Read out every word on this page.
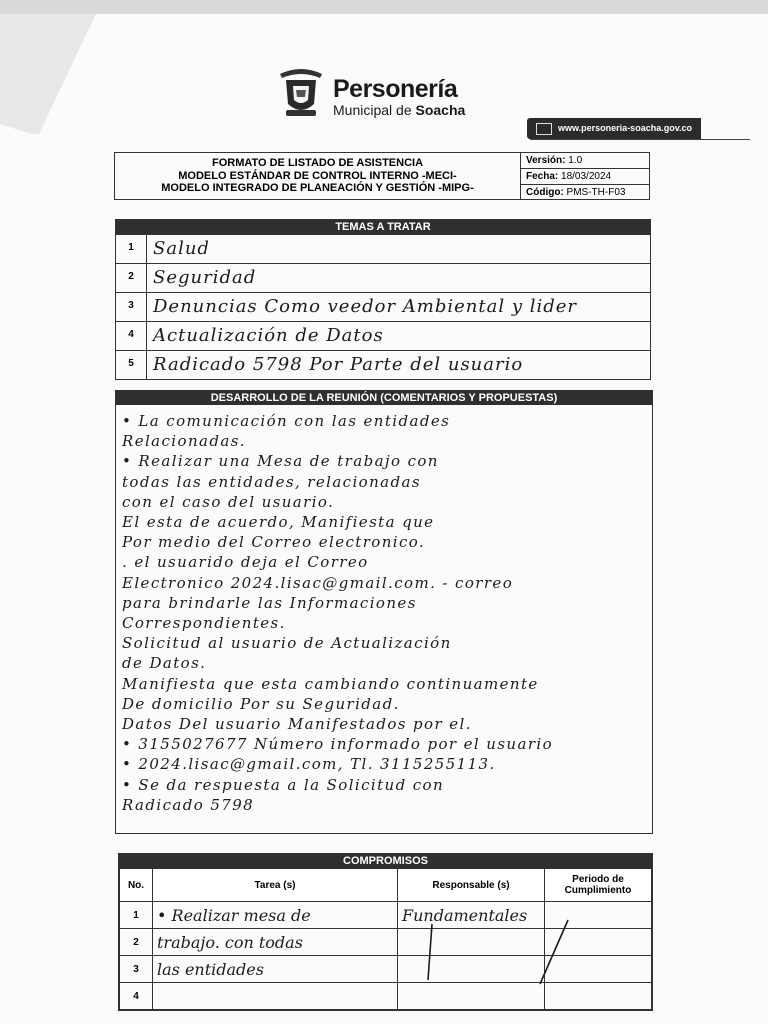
Personería
Municipal de Soacha
www.personeria-soacha.gov.co
FORMATO DE LISTADO DE ASISTENCIA
MODELO ESTÁNDAR DE CONTROL INTERNO -MECI-
MODELO INTEGRADO DE PLANEACIÓN Y GESTIÓN -MIPG-
Versión: 1.0
Fecha: 18/03/2024
Código: PMS-TH-F03
TEMAS A TRATAR
1	Salud
2	Seguridad
3	Denuncias Como veedor Ambiental y lider
4	Actualización de Datos
5	Radicado 5798 Por Parte del usuario
DESARROLLO DE LA REUNIÓN (COMENTARIOS Y PROPUESTAS)
• La comunicación con las entidades
Relacionadas.
• Realizar una Mesa de trabajo con
todas las entidades, relacionadas
con el caso del usuario.
El esta de acuerdo, Manifiesta que
Por medio del Correo electronico.
. el usuarido deja el Correo
Electronico 2024.lisac@gmail.com. - correo
para brindarle las Informaciones
Correspondientes.
Solicitud al usuario de Actualización
de Datos.
Manifiesta que esta cambiando continuamente
De domicilio Por su Seguridad.
Datos Del usuario Manifestados por el.
• 3155027677 Número informado por el usuario
• 2024.lisac@gmail.com, Tl. 3115255113.
• Se da respuesta a la Solicitud con
Radicado 5798
COMPROMISOS
No.	Tarea (s)	Responsable (s)	Periodo de Cumplimiento
1	• Realizar mesa de	Fundamentales	
2	trabajo. con todas		
3	las entidades		
4			
